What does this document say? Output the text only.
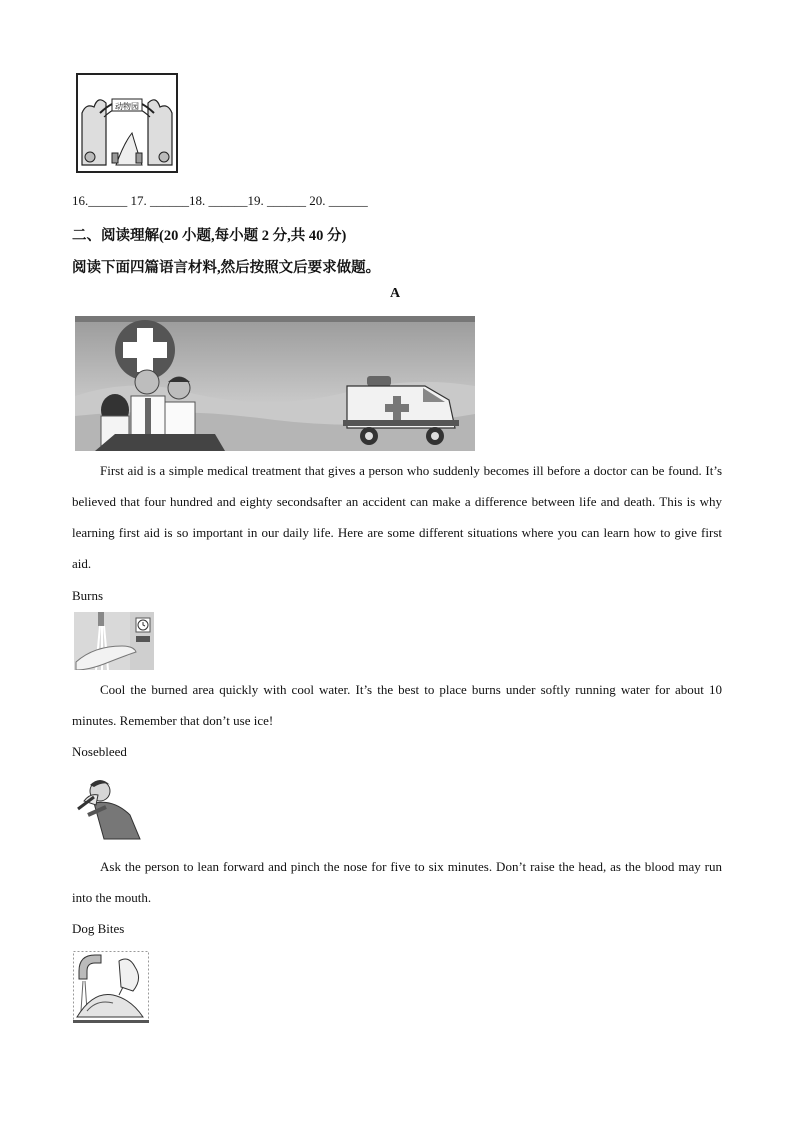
动物园
16.______ 17. ______18. ______19. ______ 20. ______
二、阅读理解(20 小题,每小题 2 分,共 40 分)
阅读下面四篇语言材料,然后按照文后要求做题。
A

First aid is a simple medical treatment that gives a person who suddenly becomes ill before a doctor can be found. It’s believed that four hundred and eighty secondsafter an accident can make a difference between life and death. This is why learning first aid is so important in our daily life. Here are some different situations where you can learn how to give first aid.

Burns

Cool the burned area quickly with cool water. It’s the best to place burns under softly running water for about 10 minutes. Remember that don’t use ice!

Nosebleed

Ask the person to lean forward and pinch the nose for five to six minutes. Don’t raise the head, as the blood may run into the mouth.

Dog Bites
